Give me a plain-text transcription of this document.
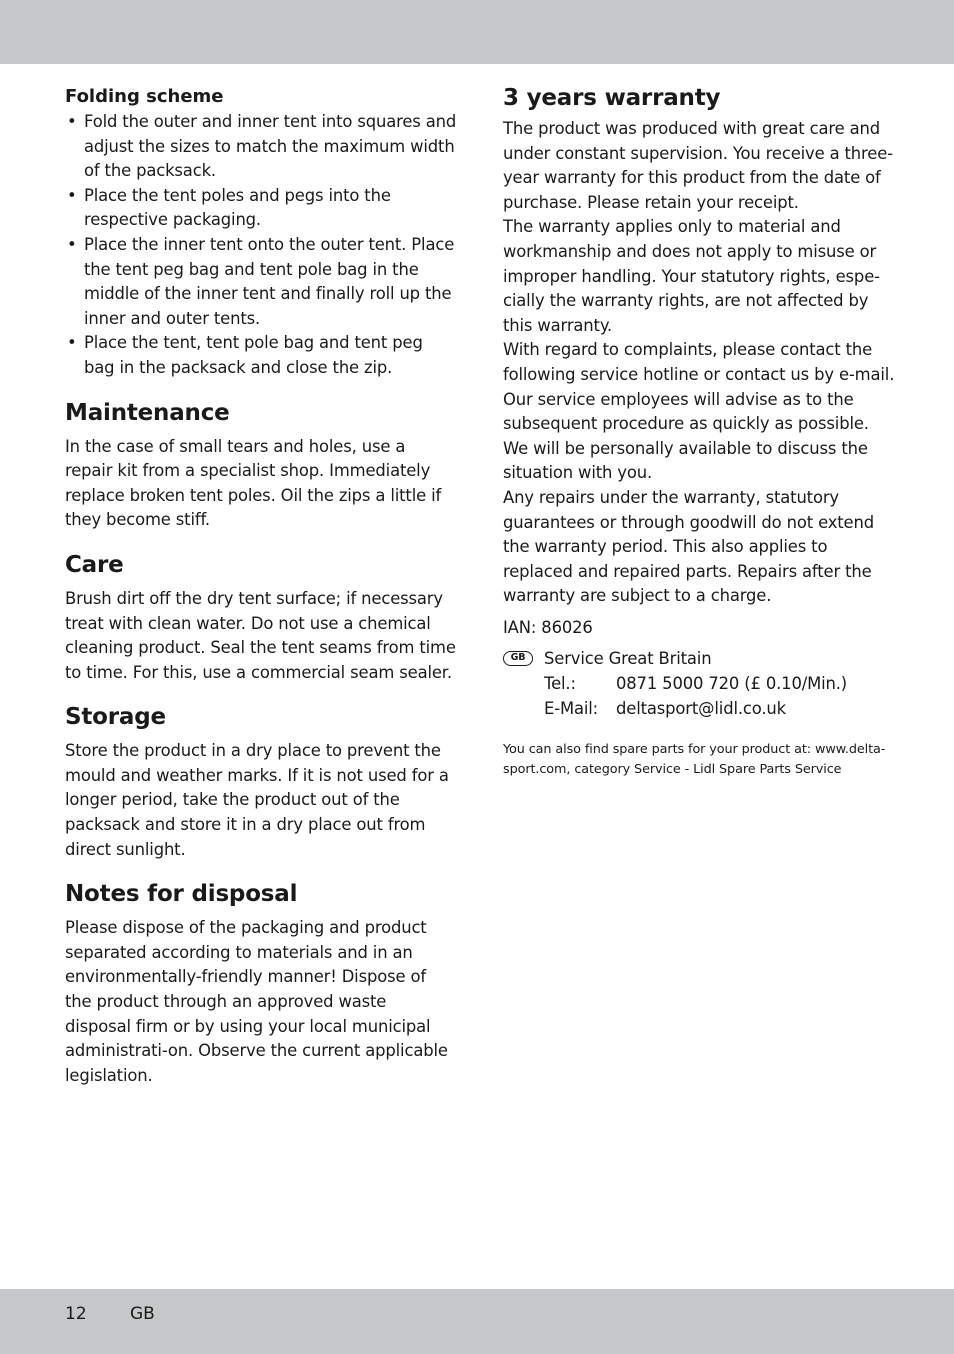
Folding scheme

• Fold the outer and inner tent into squares and adjust the sizes to match the maximum width of the packsack.
• Place the tent poles and pegs into the respective packaging.
• Place the inner tent onto the outer tent. Place the tent peg bag and tent pole bag in the middle of the inner tent and finally roll up the inner and outer tents.
• Place the tent, tent pole bag and tent peg bag in the packsack and close the zip.
Maintenance

In the case of small tears and holes, use a repair kit from a specialist shop. Immediately replace broken tent poles. Oil the zips a little if they become stiff.

Care

Brush dirt off the dry tent surface; if necessary treat with clean water. Do not use a chemical cleaning product. Seal the tent seams from time to time. For this, use a commercial seam sealer.

Storage

Store the product in a dry place to prevent the mould and weather marks. If it is not used for a longer period, take the product out of the packsack and store it in a dry place out from direct sunlight.

Notes for disposal

Please dispose of the packaging and product separated according to materials and in an environmentally-friendly manner! Dispose of the product through an approved waste disposal firm or by using your local municipal administrati-on. Observe the current applicable legislation.

3 years warranty

The product was produced with great care and under constant supervision. You receive a three-year warranty for this product from the date of purchase. Please retain your receipt.

The warranty applies only to material and workmanship and does not apply to misuse or improper handling. Your statutory rights, espe-cially the warranty rights, are not affected by this warranty.

With regard to complaints, please contact the following service hotline or contact us by e-mail. Our service employees will advise as to the subsequent procedure as quickly as possible. We will be personally available to discuss the situation with you.

Any repairs under the warranty, statutory guarantees or through goodwill do not extend the warranty period. This also applies to replaced and repaired parts. Repairs after the warranty are subject to a charge.

IAN: 86026

GB	Service Great Britain
Tel.:	0871 5000 720 (£ 0.10/Min.)
E-Mail:	deltasport@lidl.co.uk

You can also find spare parts for your product at: www.delta-sport.com, category Service - Lidl Spare Parts Service

12	GB
